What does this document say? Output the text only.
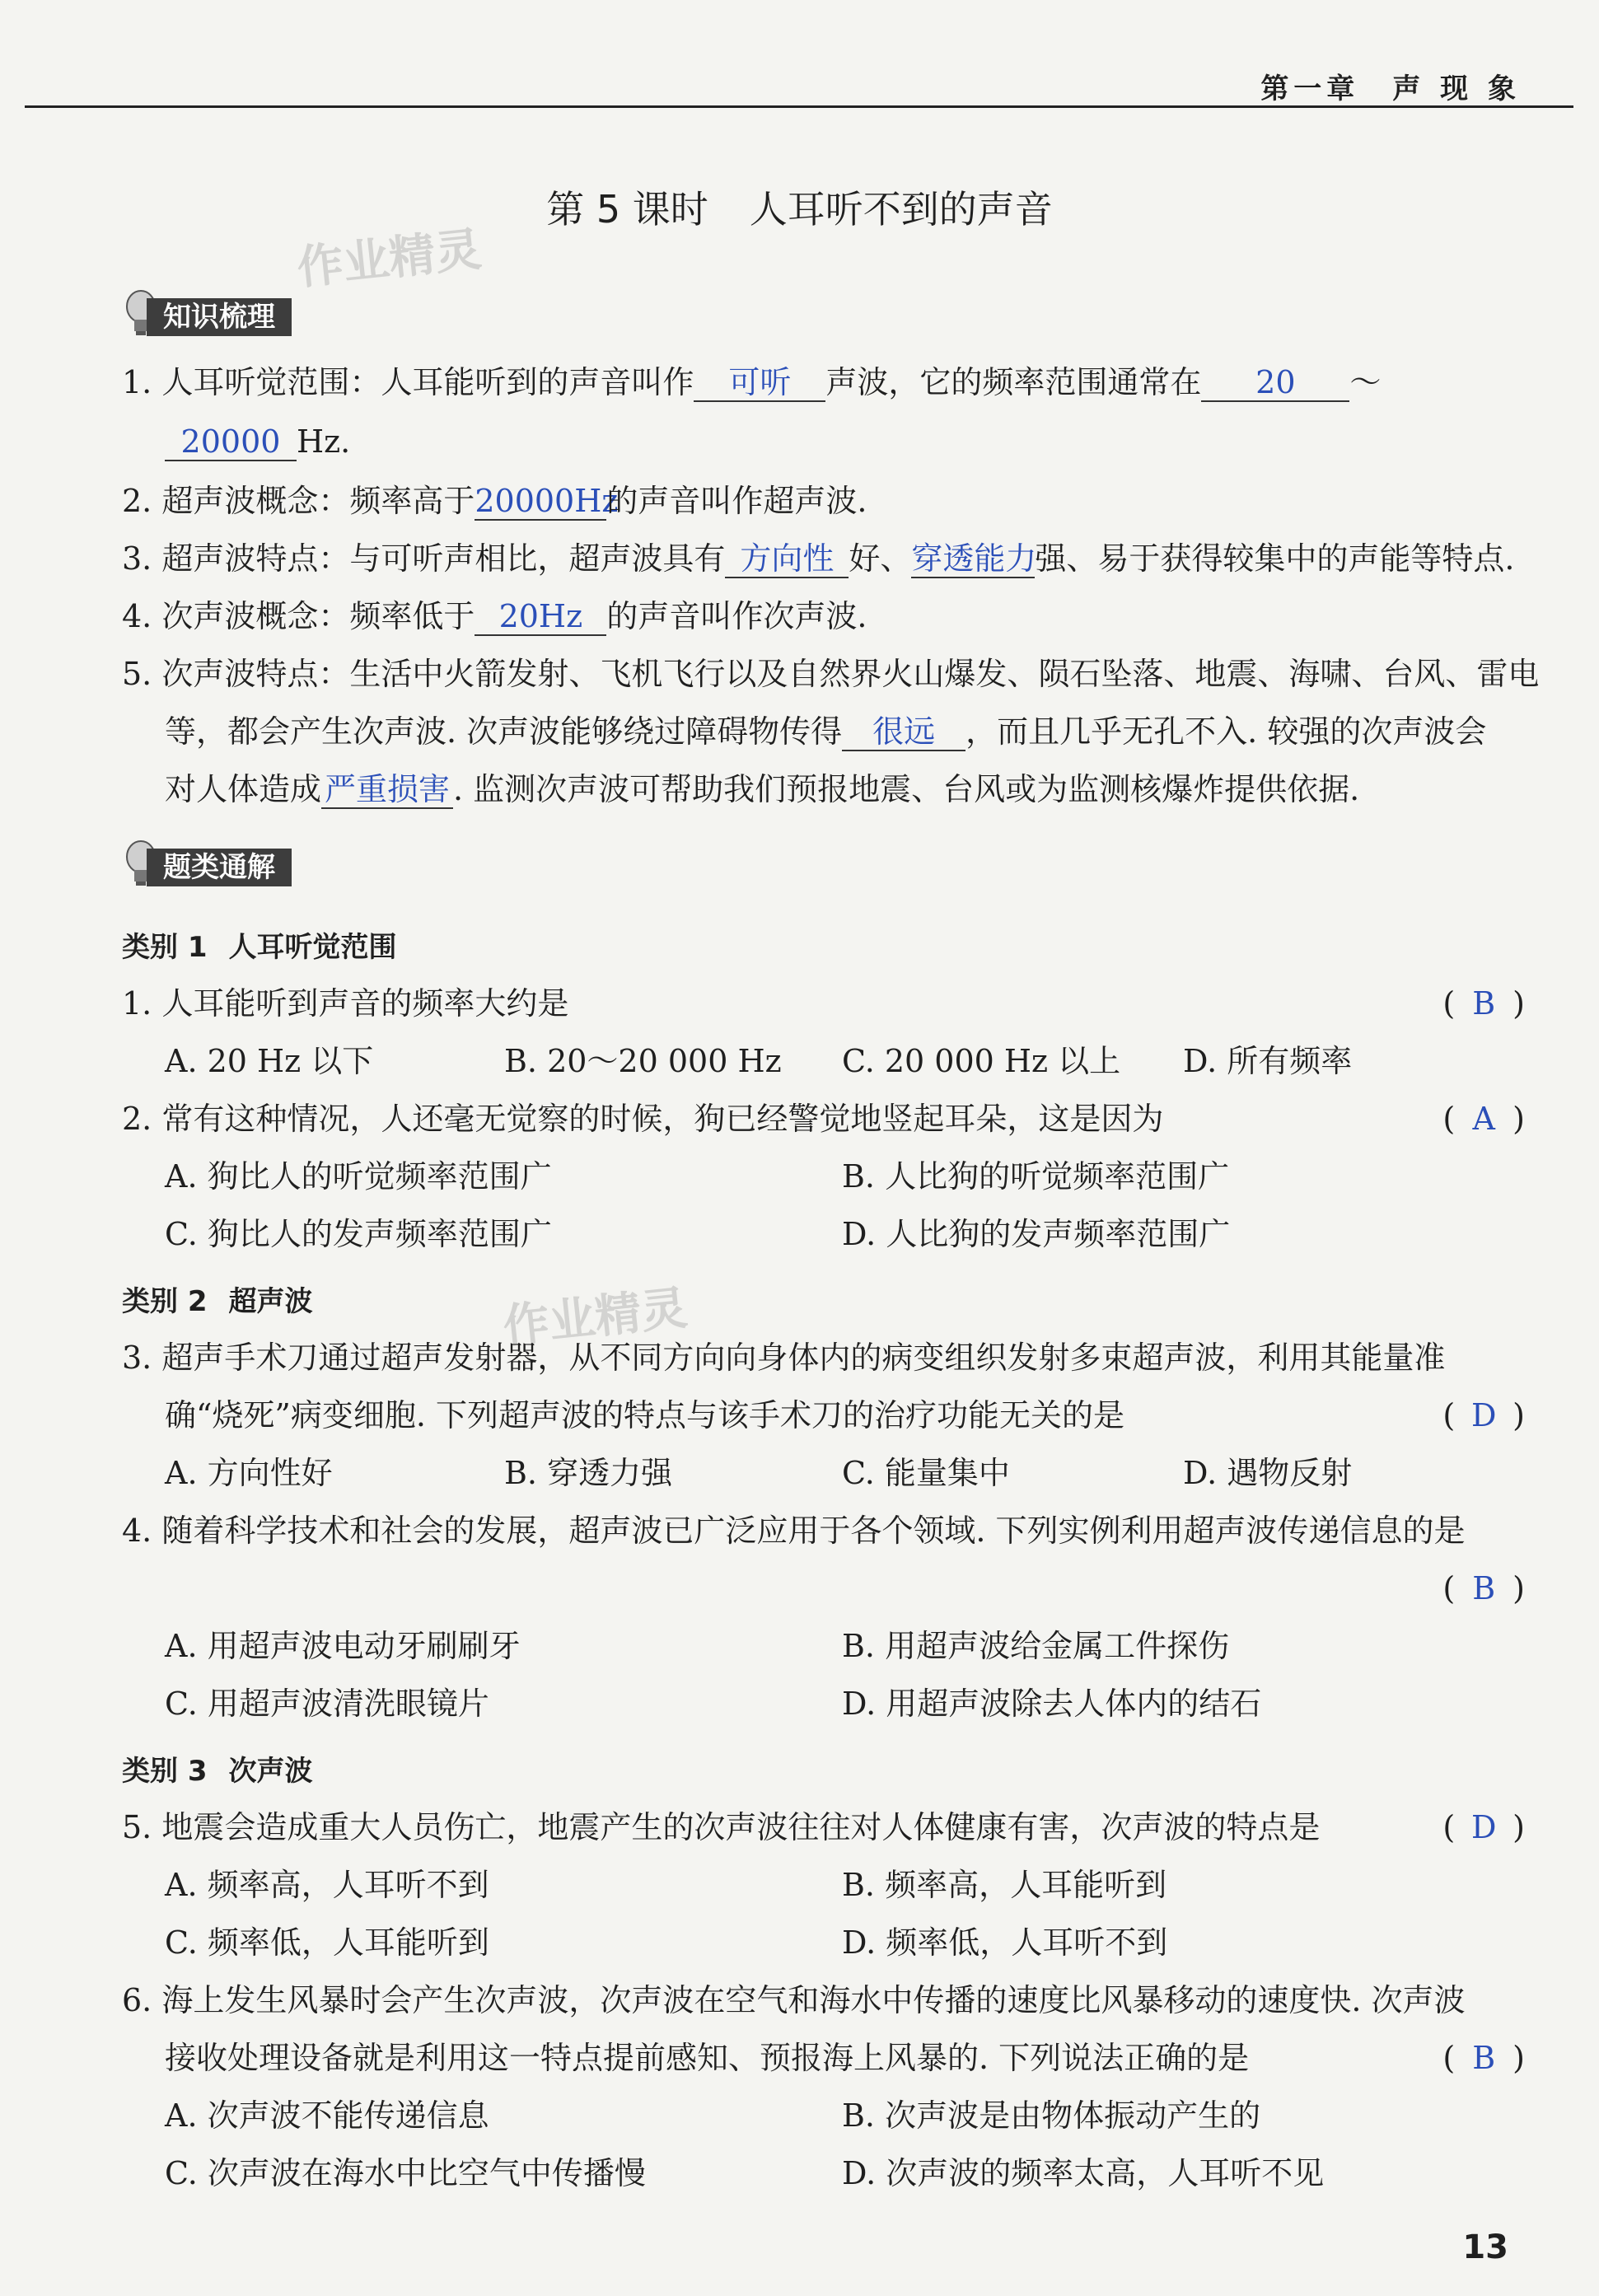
第一章　声 现 象
第 5 课时 人耳听不到的声音
作业精灵
作业精灵
知识梳理
1. 人耳听觉范围：人耳能听到的声音叫作 可听 声波，它的频率范围通常在 20 ～
20000 Hz.
2. 超声波概念：频率高于20000Hz的声音叫作超声波.
3. 超声波特点：与可听声相比，超声波具有 方向性 好、穿透能力强、易于获得较集中的声能等特点.
4. 次声波概念：频率低于 20Hz 的声音叫作次声波.
5. 次声波特点：生活中火箭发射、飞机飞行以及自然界火山爆发、陨石坠落、地震、海啸、台风、雷电
等，都会产生次声波. 次声波能够绕过障碍物传得 很远 ，而且几乎无孔不入. 较强的次声波会
对人体造成 严重损害 . 监测次声波可帮助我们预报地震、台风或为监测核爆炸提供依据.
题类通解
类别 1 人耳听觉范围
1. 人耳能听到声音的频率大约是	( B )
A. 20 Hz 以下	B. 20～20 000 Hz C. 20 000 Hz 以上 D. 所有频率
2. 常有这种情况，人还毫无觉察的时候，狗已经警觉地竖起耳朵，这是因为	( A )
A. 狗比人的听觉频率范围广	B. 人比狗的听觉频率范围广
C. 狗比人的发声频率范围广	D. 人比狗的发声频率范围广
类别 2 超声波
3. 超声手术刀通过超声发射器，从不同方向向身体内的病变组织发射多束超声波，利用其能量准
确“烧死”病变细胞. 下列超声波的特点与该手术刀的治疗功能无关的是	( D )
A. 方向性好	B. 穿透力强	C. 能量集中	D. 遇物反射
4. 随着科学技术和社会的发展，超声波已广泛应用于各个领域. 下列实例利用超声波传递信息的是
( B )
A. 用超声波电动牙刷刷牙	B. 用超声波给金属工件探伤
C. 用超声波清洗眼镜片	D. 用超声波除去人体内的结石
类别 3 次声波
5. 地震会造成重大人员伤亡，地震产生的次声波往往对人体健康有害，次声波的特点是	( D )
A. 频率高，人耳听不到	B. 频率高，人耳能听到
C. 频率低，人耳能听到	D. 频率低，人耳听不到
6. 海上发生风暴时会产生次声波，次声波在空气和海水中传播的速度比风暴移动的速度快. 次声波
接收处理设备就是利用这一特点提前感知、预报海上风暴的. 下列说法正确的是	( B )
A. 次声波不能传递信息	B. 次声波是由物体振动产生的
C. 次声波在海水中比空气中传播慢	D. 次声波的频率太高，人耳听不见
13
